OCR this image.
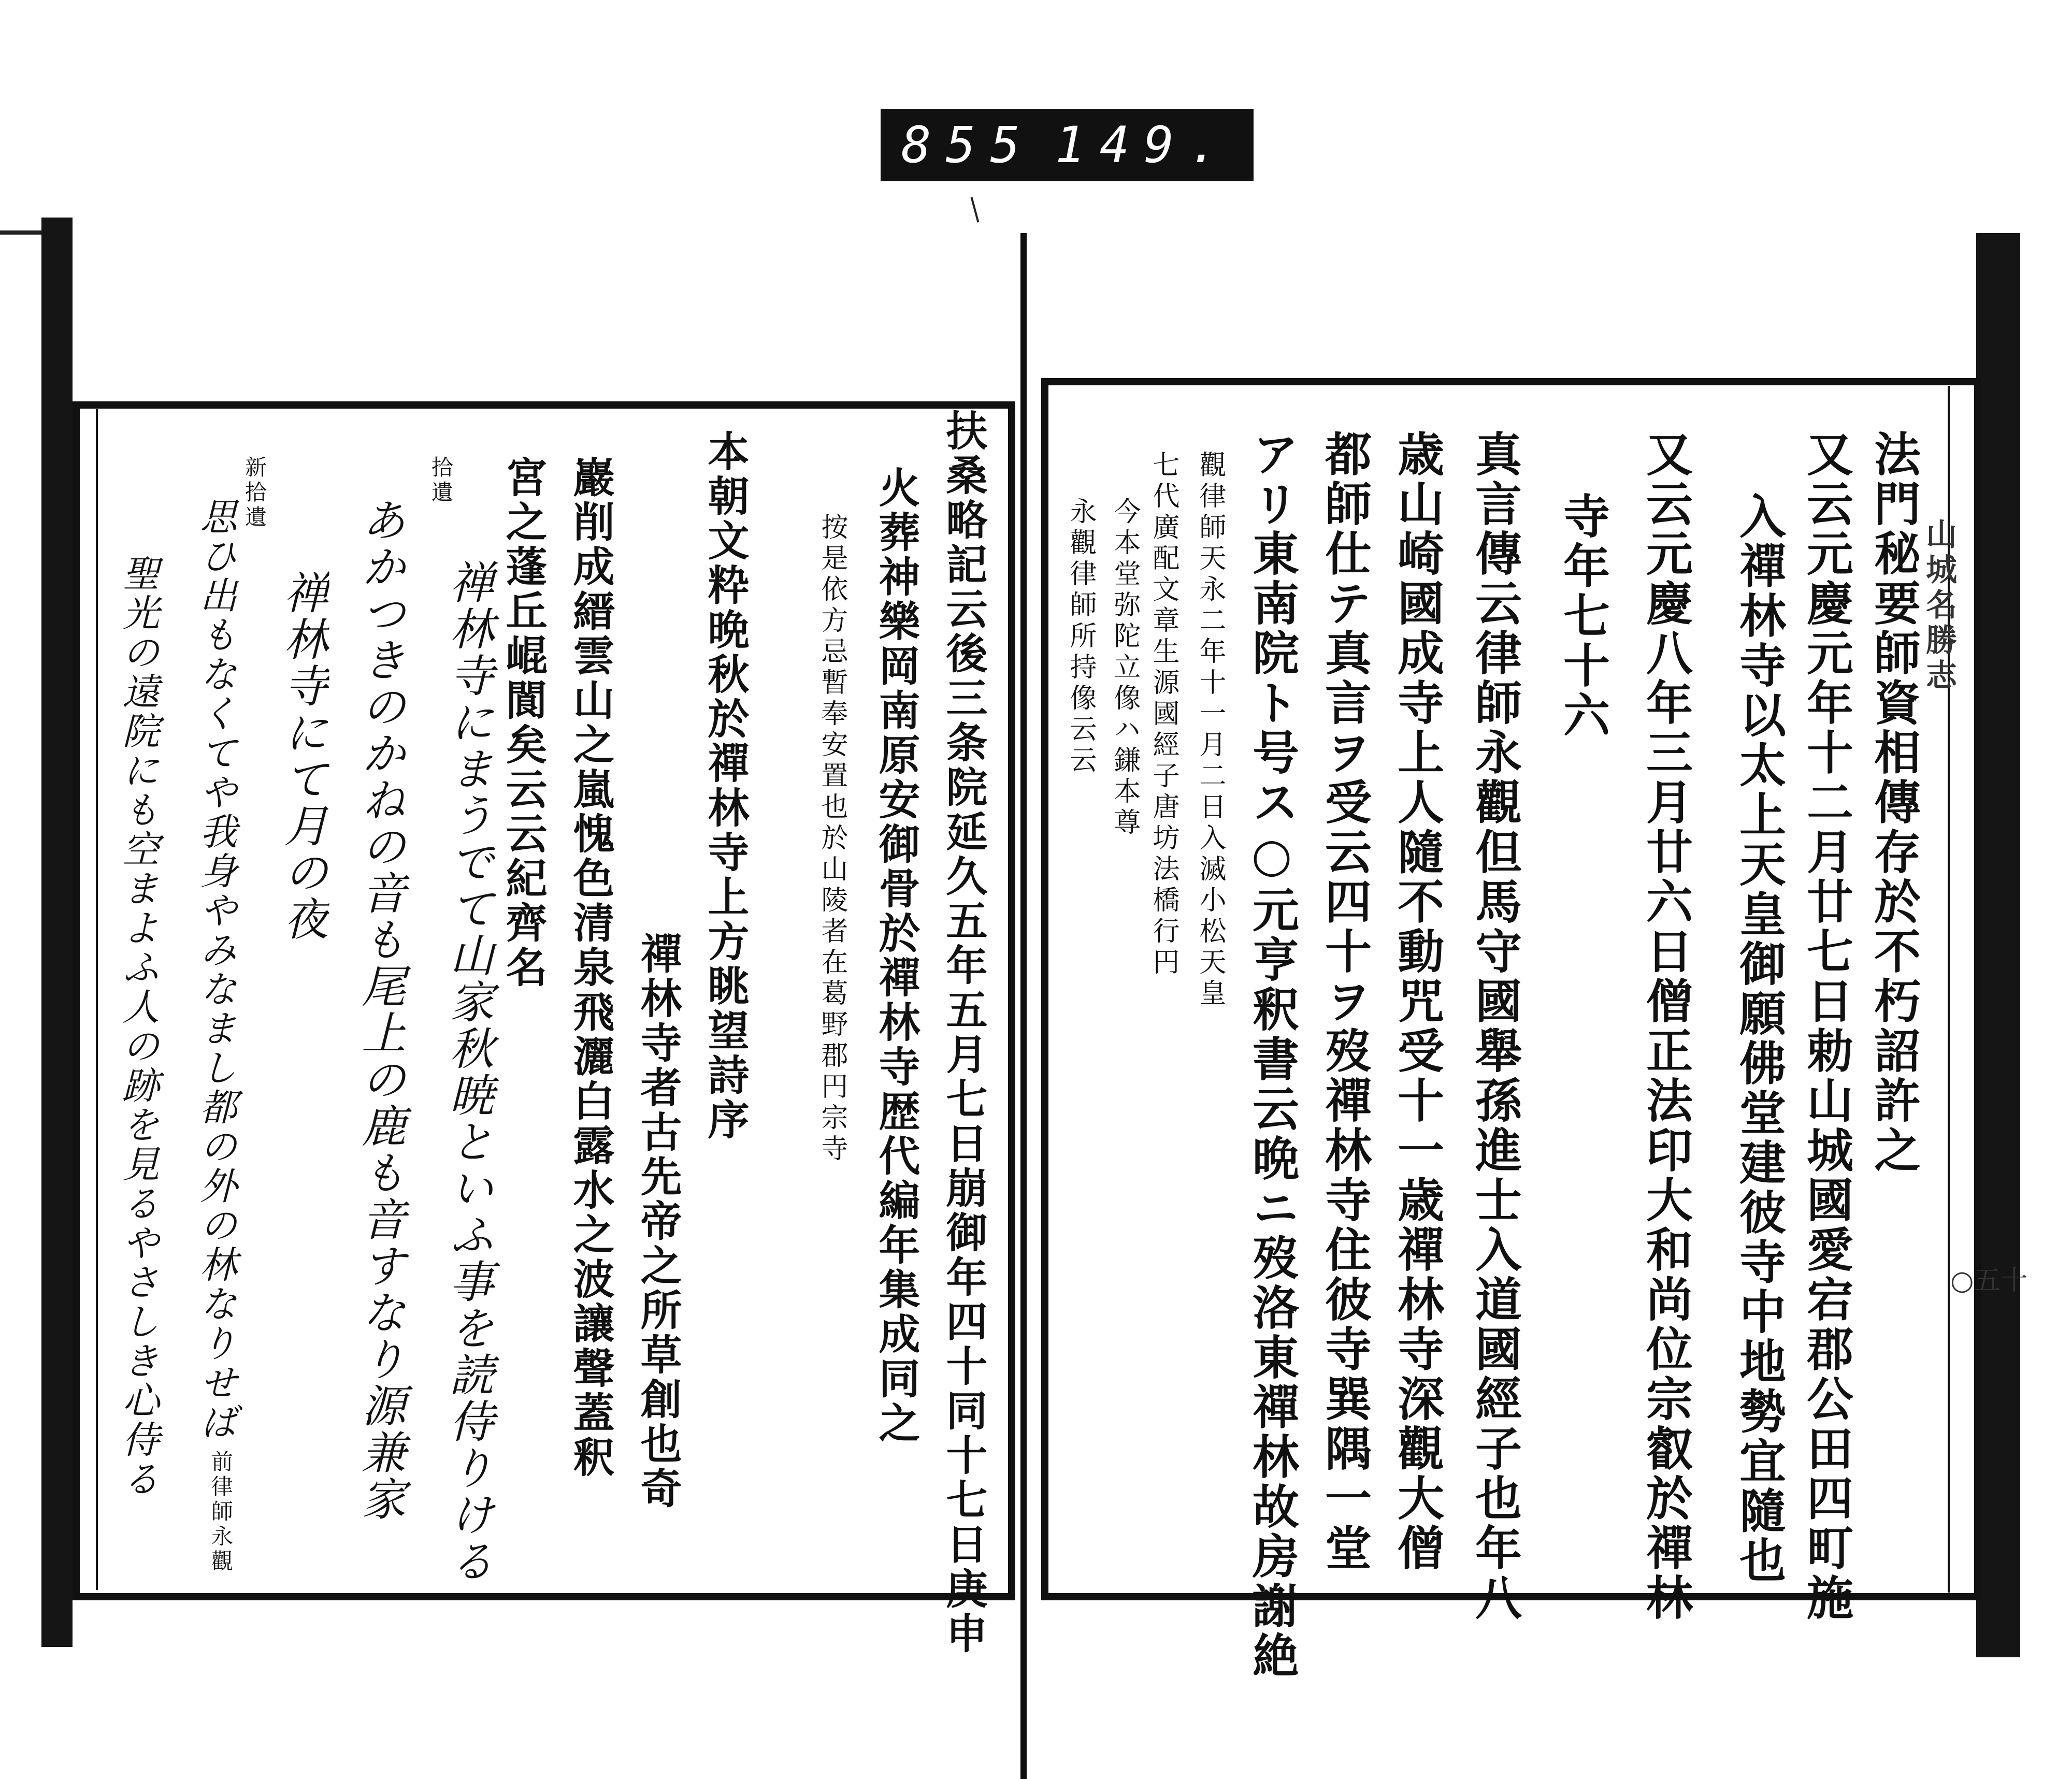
855 149.
山城名勝志
○五十
法門秘要師資相傳存於不朽詔許之
又云元慶元年十二月廿七日勅山城國愛宕郡公田四町施
入禪林寺以太上天皇御願佛堂建彼寺中地勢宜隨也
又云元慶八年三月廿六日僧正法印大和尚位宗叡於禪林
寺年七十六
真言傳云律師永觀但馬守國舉孫進士入道國經子也年八
歳山崎國成寺上人隨不動咒受十一歳禪林寺深觀大僧
都師仕テ真言ヲ受云四十ヲ歿禪林寺住彼寺巽隅一堂
アリ東南院ト号ス○元亨釈書云晩ニ歿洛東禪林故房謝絶
觀律師天永二年十一月二日入滅小松天皇
七代廣配文章生源國經子唐坊法橋行円
今本堂弥陀立像ハ鎌本尊
永觀律師所持像云云
扶桑略記云後三条院延久五年五月七日崩御年四十同十七日庚申
火葬神樂岡南原安御骨於禪林寺歴代編年集成同之
按是依方忌暫奉安置也於山陵者在葛野郡円宗寺
本朝文粋晩秋於禪林寺上方眺望詩序
禪林寺者古先帝之所草創也奇
巖削成縉雲山之嵐愧色清泉飛灑白露水之波讓聲蓋釈
宮之蓬丘崐閬矣云云紀齊名
拾遺
禅林寺にまうでて山家秋暁といふ事を読侍りける
あかつきのかねの音も尾上の鹿も音すなり源兼家
新拾遺
禅林寺にて月の夜
思ひ出もなくてや我身やみなまし都の外の林なりせば
前律師永觀
聖光の遠院にも空まよふ人の跡を見るやさしき心侍る
